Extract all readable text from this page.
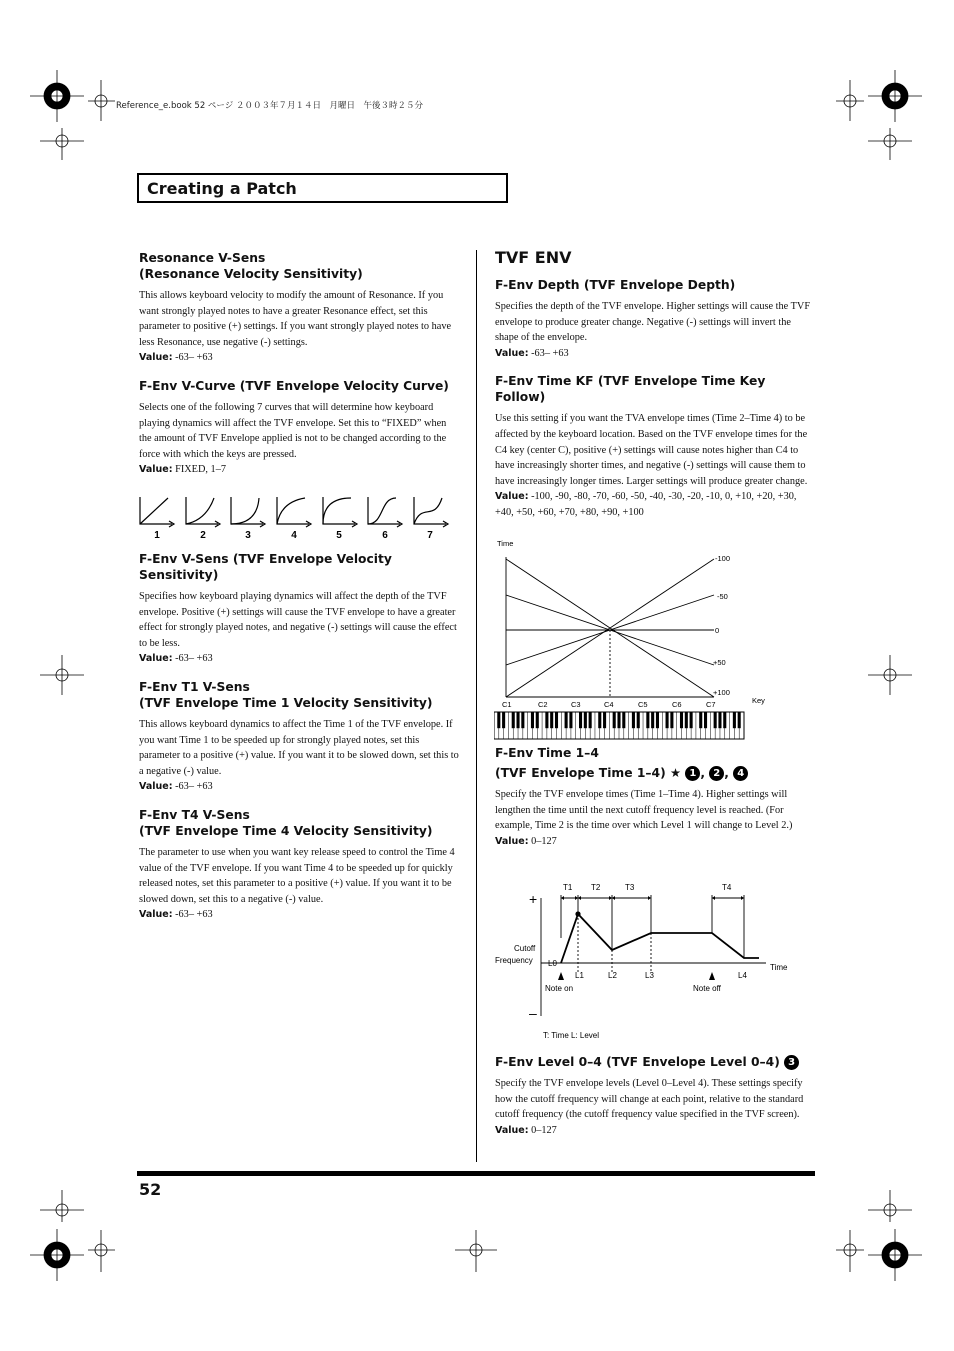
Reference_e.book 52 ページ ２００３年７月１４日　月曜日　午後３時２５分
Creating a Patch

Resonance V-Sens

(Resonance Velocity Sensitivity)

This allows keyboard velocity to modify the amount of Resonance. If you want strongly played notes to have a greater Resonance effect, set this parameter to positive (+) settings. If you want strongly played notes to have less Resonance, use negative (-) settings.

Value: -63– +63

F-Env V-Curve (TVF Envelope Velocity Curve)

Selects one of the following 7 curves that will determine how keyboard playing dynamics will affect the TVF envelope. Set this to “FIXED” when the amount of TVF Envelope applied is not to be changed according to the force with which the keys are pressed.

Value: FIXED, 1–7

1	2	3	4	5	6	7

F-Env V-Sens (TVF Envelope Velocity Sensitivity)

Specifies how keyboard playing dynamics will affect the depth of the TVF envelope. Positive (+) settings will cause the TVF envelope to have a greater effect for strongly played notes, and negative (-) settings will cause the effect to be less.

Value: -63– +63

F-Env T1 V-Sens

(TVF Envelope Time 1 Velocity Sensitivity)

This allows keyboard dynamics to affect the Time 1 of the TVF envelope. If you want Time 1 to be speeded up for strongly played notes, set this parameter to a positive (+) value. If you want it to be slowed down, set this to a negative (-) value.

Value: -63– +63

F-Env T4 V-Sens

(TVF Envelope Time 4 Velocity Sensitivity)

The parameter to use when you want key release speed to control the Time 4 value of the TVF envelope. If you want Time 4 to be speeded up for quickly released notes, set this parameter to a positive (+) value. If you want it to be slowed down, set this to a negative (-) value.

Value: -63– +63

TVF ENV

F-Env Depth (TVF Envelope Depth)

Specifies the depth of the TVF envelope. Higher settings will cause the TVF envelope to produce greater change. Negative (-) settings will invert the shape of the envelope.

Value: -63– +63

F-Env Time KF (TVF Envelope Time Key Follow)

Use this setting if you want the TVA envelope times (Time 2–Time 4) to be affected by the keyboard location. Based on the TVF envelope times for the C4 key (center C), positive (+) settings will cause notes higher than C4 to have increasingly shorter times, and negative (-) settings will cause them to have increasingly longer times. Larger settings will produce greater change.

Value: -100, -90, -80, -70, -60, -50, -40, -30, -20, -10, 0, +10, +20, +30, +40, +50, +60, +70, +80, +90, +100

Time
Key
-100
-50
0
+50
+100
C1	C2	C3	C4	C5	C6	C7

F-Env Time 1–4

(TVF Envelope Time 1–4) ★ 1 , 2 , 4

Specify the TVF envelope times (Time 1–Time 4). Higher settings will lengthen the time until the next cutoff frequency level is reached. (For example, Time 2 is the time over which Level 1 will change to Level 2.)

Value: 0–127

T1 T2	T3	T4
L0
L1	L2	L3	L4
Cutoff
Frequency
Time
Note on	Note off
T: Time L: Level
+
–

F-Env Level 0–4 (TVF Envelope Level 0–4) 3

Specify the TVF envelope levels (Level 0–Level 4). These settings specify how the cutoff frequency will change at each point, relative to the standard cutoff frequency (the cutoff frequency value specified in the TVF screen).

Value: 0–127

52
